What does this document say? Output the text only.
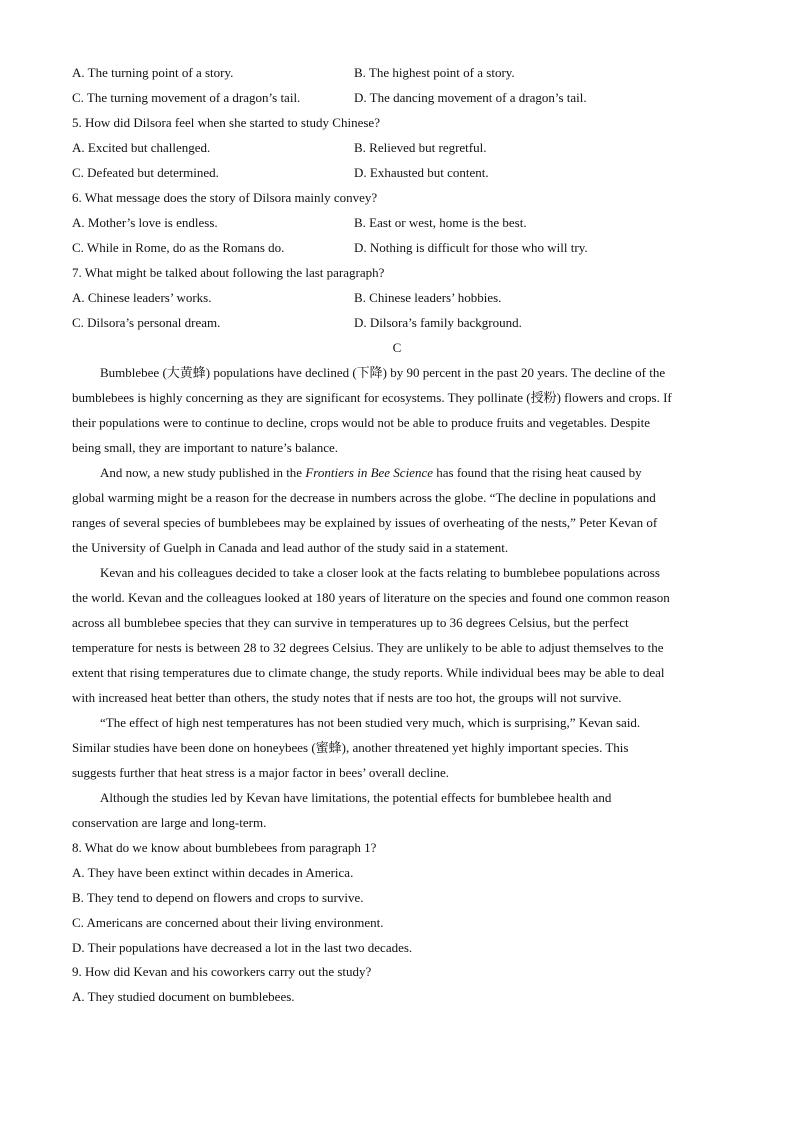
A. The turning point of a story.	B. The highest point of a story.
C. The turning movement of a dragon’s tail.	D. The dancing movement of a dragon’s tail.
5. How did Dilsora feel when she started to study Chinese?
A. Excited but challenged.	B. Relieved but regretful.
C. Defeated but determined.	D. Exhausted but content.
6. What message does the story of Dilsora mainly convey?
A. Mother’s love is endless.	B. East or west, home is the best.
C. While in Rome, do as the Romans do.	D. Nothing is difficult for those who will try.
7. What might be talked about following the last paragraph?
A. Chinese leaders’ works.	B. Chinese leaders’ hobbies.
C. Dilsora’s personal dream.	D. Dilsora’s family background.
C
Bumblebee (大黄蜂) populations have declined (下降) by 90 percent in the past 20 years. The decline of the
bumblebees is highly concerning as they are significant for ecosystems. They pollinate (授粉) flowers and crops. If
their populations were to continue to decline, crops would not be able to produce fruits and vegetables. Despite
being small, they are important to nature’s balance.
And now, a new study published in the Frontiers in Bee Science has found that the rising heat caused by
global warming might be a reason for the decrease in numbers across the globe. “The decline in populations and
ranges of several species of bumblebees may be explained by issues of overheating of the nests,” Peter Kevan of
the University of Guelph in Canada and lead author of the study said in a statement.
Kevan and his colleagues decided to take a closer look at the facts relating to bumblebee populations across
the world. Kevan and the colleagues looked at 180 years of literature on the species and found one common reason
across all bumblebee species that they can survive in temperatures up to 36 degrees Celsius, but the perfect
temperature for nests is between 28 to 32 degrees Celsius. They are unlikely to be able to adjust themselves to the
extent that rising temperatures due to climate change, the study reports. While individual bees may be able to deal
with increased heat better than others, the study notes that if nests are too hot, the groups will not survive.
“The effect of high nest temperatures has not been studied very much, which is surprising,” Kevan said.
Similar studies have been done on honeybees (蜜蜂), another threatened yet highly important species. This
suggests further that heat stress is a major factor in bees’ overall decline.
Although the studies led by Kevan have limitations, the potential effects for bumblebee health and
conservation are large and long-term.
8. What do we know about bumblebees from paragraph 1?
A. They have been extinct within decades in America.
B. They tend to depend on flowers and crops to survive.
C. Americans are concerned about their living environment.
D. Their populations have decreased a lot in the last two decades.
9. How did Kevan and his coworkers carry out the study?
A. They studied document on bumblebees.
